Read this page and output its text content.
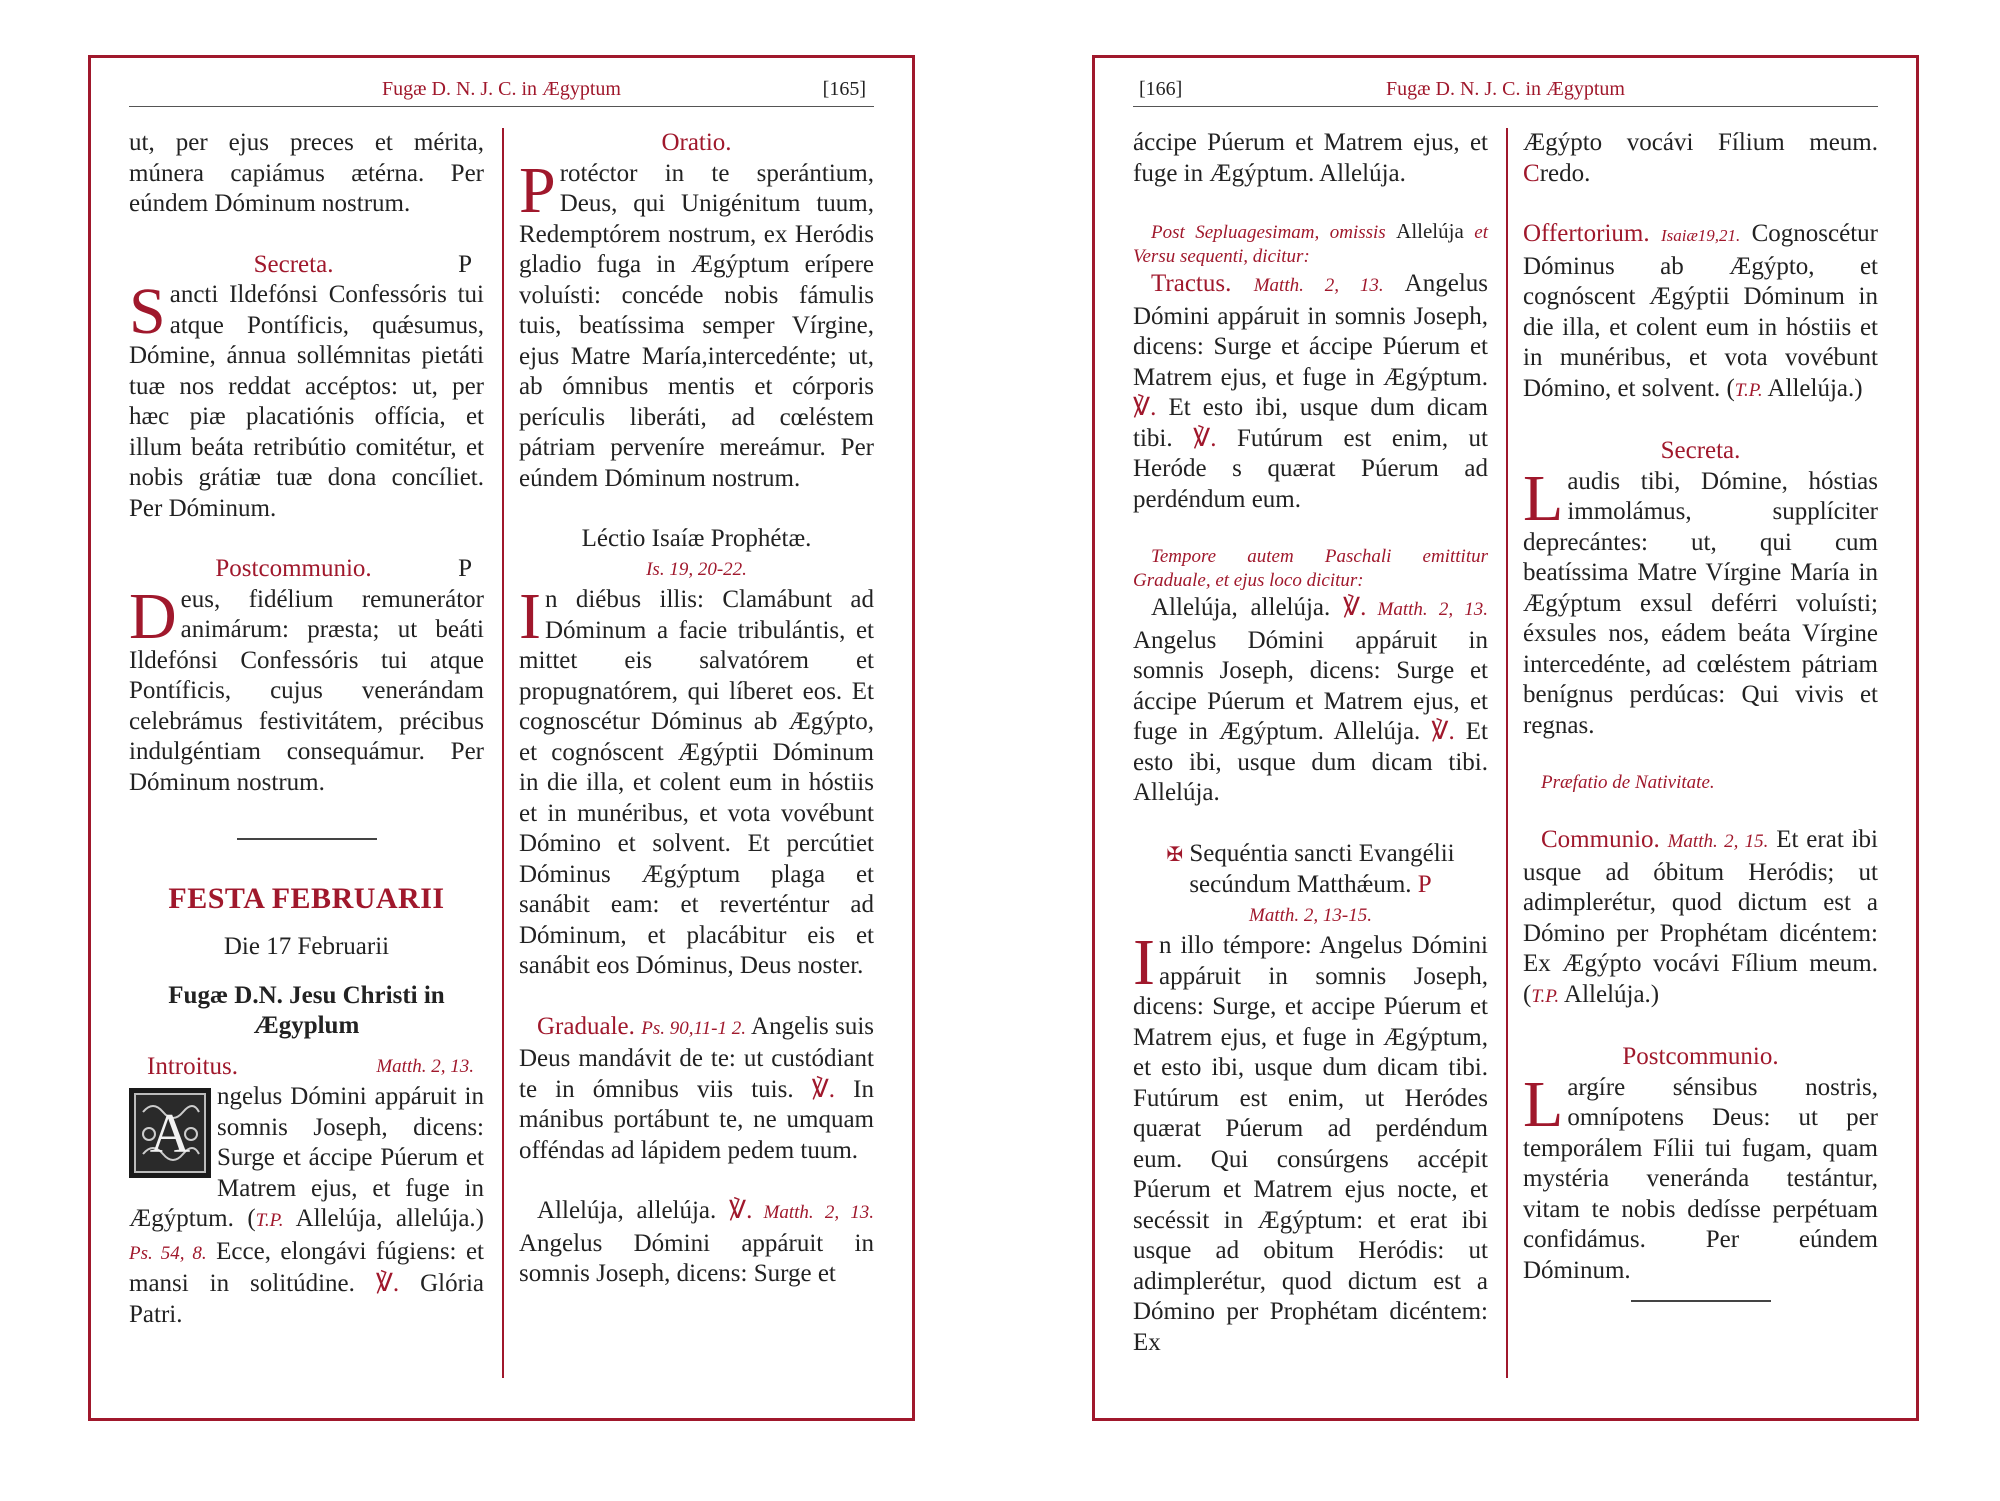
Fugæ D. N. J. C. in Ægyptum	[165]

ut, per ejus preces et mérita, múnera capiámus ætérna. Per eúndem Dóminum nostrum.

Secreta.	P

Sancti Ildefónsi Confessóris tui atque Pontíficis, quǽsumus, Dómine, ánnua sollémnitas pietáti tuæ nos reddat accéptos: ut, per hæc piæ placatiónis offícia, et illum beáta retribútio comitétur, et nobis grátiæ tuæ dona concíliet. Per Dóminum.

Postcommunio.	P

Deus, fidélium remunerátor animárum: præsta; ut beáti Ildefónsi Confessóris tui atque Pontíficis, cujus venerándam celebrámus festivitátem, précibus indulgéntiam consequámur. Per Dóminum nostrum.

FESTA FEBRUARII

Die 17 Februarii

Fugæ D.N. Jesu Christi in Ægyplum

Introitus.	Matth. 2, 13.

A
ngelus Dómini appáruit in somnis Joseph, dicens: Surge et áccipe Púerum et Matrem ejus, et fuge in Ægýptum. (T.P. Allelúja, allelúja.) Ps. 54, 8. Ecce, elongávi fúgiens: et mansi in solitúdine. ℣. Glória Patri.

Oratio.

Protéctor in te sperántium, Deus, qui Unigénitum tuum, Redemptórem nostrum, ex Heródis gladio fuga in Ægýptum erípere voluísti: concéde nobis fámulis tuis, beatíssima semper Vírgine, ejus Matre María,intercedénte; ut, ab ómnibus mentis et córporis perículis liberáti, ad cœléstem pátriam perveníre mereámur. Per eúndem Dóminum nostrum.

Léctio Isaíæ Prophétæ.

Is. 19, 20-22.

In diébus illis: Clamábunt ad Dóminum a facie tribulántis, et mittet eis salvatórem et propugnatórem, qui líberet eos. Et cognoscétur Dóminus ab Ægýpto, et cognóscent Ægýptii Dóminum in die illa, et colent eum in hóstiis et in munéribus, et vota vovébunt Dómino et solvent. Et percútiet Dóminus Ægýptum plaga et sanábit eam: et reverténtur ad Dóminum, et placábitur eis et sanábit eos Dóminus, Deus noster.

Graduale. Ps. 90,11-1 2. Angelis suis Deus mandávit de te: ut custódiant te in ómnibus viis tuis. ℣. In mánibus portábunt te, ne umquam offéndas ad lápidem pedem tuum.

Allelúja, allelúja. ℣. Matth. 2, 13. Angelus Dómini appáruit in somnis Joseph, dicens: Surge et

[166]	Fugæ D. N. J. C. in Ægyptum

áccipe Púerum et Matrem ejus, et fuge in Ægýptum. Allelúja.

Post Sepluagesimam, omissis Allelúja et Versu sequenti, dicitur:

Tractus. Matth. 2, 13. Angelus Dómini appáruit in somnis Joseph, dicens: Surge et áccipe Púerum et Matrem ejus, et fuge in Ægýptum. ℣. Et esto ibi, usque dum dicam tibi. ℣. Futúrum est enim, ut Heróde s quærat Púerum ad perdéndum eum.

Tempore autem Paschali emittitur Graduale, et ejus loco dicitur:

Allelúja, allelúja. ℣. Matth. 2, 13. Angelus Dómini appáruit in somnis Joseph, dicens: Surge et áccipe Púerum et Matrem ejus, et fuge in Ægýptum. Allelúja. ℣. Et esto ibi, usque dum dicam tibi. Allelúja.

✠ Sequéntia sancti Evangélii secúndum Matthǽum. P

Matth. 2, 13-15.

In illo témpore: Angelus Dómini appáruit in somnis Joseph, dicens: Surge, et accipe Púerum et Matrem ejus, et fuge in Ægýptum, et esto ibi, usque dum dicam tibi. Futúrum est enim, ut Heródes quærat Púerum ad perdéndum eum. Qui consúrgens accépit Púerum et Matrem ejus nocte, et secéssit in Ægýptum: et erat ibi usque ad obitum Heródis: ut adimplerétur, quod dictum est a Dómino per Prophétam dicéntem: Ex

Ægýpto vocávi Fílium meum. Credo.

Offertorium. Isaiæ19,21. Cognoscétur Dóminus ab Ægýpto, et cognóscent Ægýptii Dóminum in die illa, et colent eum in hóstiis et in munéribus, et vota vovébunt Dómino, et solvent. (T.P. Allelúja.)

Secreta.

Laudis tibi, Dómine, hóstias immolámus, supplíciter deprecántes: ut, qui cum beatíssima Matre Vírgine María in Ægýptum exsul deférri voluísti; éxsules nos, eádem beáta Vírgine intercedénte, ad cœléstem pátriam benígnus perdúcas: Qui vivis et regnas.

Præfatio de Nativitate.

Communio. Matth. 2, 15. Et erat ibi usque ad óbitum Heródis; ut adimplerétur, quod dictum est a Dómino per Prophétam dicéntem: Ex Ægýpto vocávi Fílium meum. (T.P. Allelúja.)

Postcommunio.

Largíre sénsibus nostris, omnípotens Deus: ut per temporálem Fílii tui fugam, quam mystéria veneránda testántur, vitam te nobis dedísse perpétuam confidámus. Per eúndem Dóminum.
